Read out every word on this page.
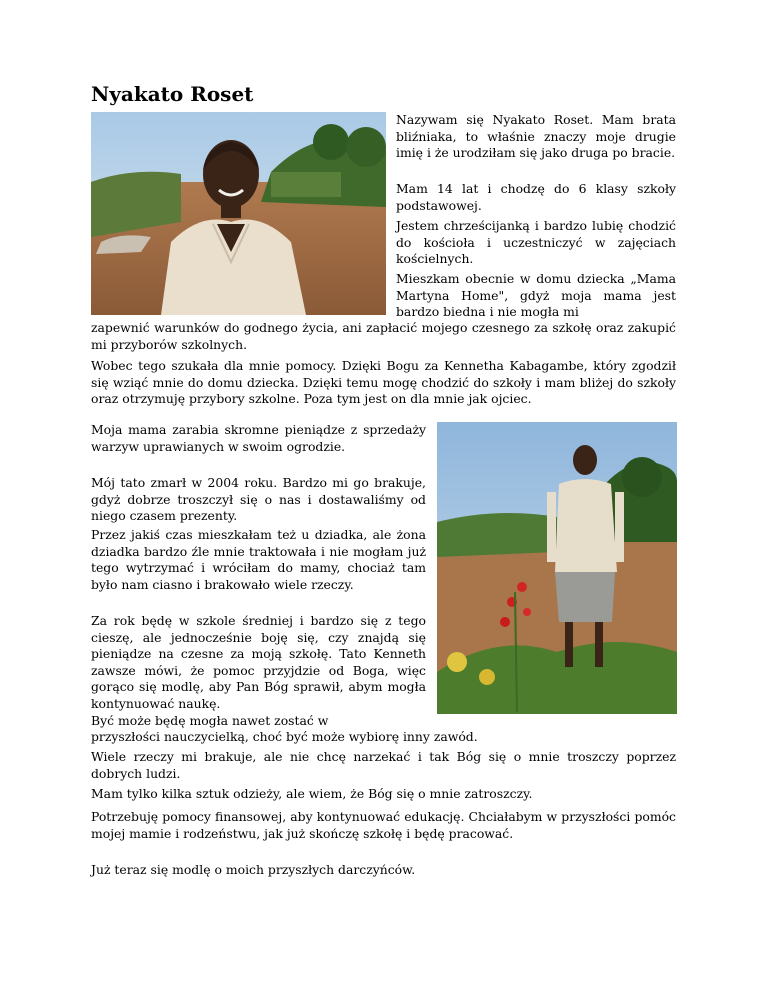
Nyakato Roset

Nazywam się Nyakato Roset. Mam brata bliźniaka, to właśnie znaczy moje drugie imię i że urodziłam się jako druga po bracie.

Mam 14 lat i chodzę do 6 klasy szkoły podstawowej.

Jestem chrześcijanką i bardzo lubię chodzić do kościoła i uczestniczyć w zajęciach kościelnych.

Mieszkam obecnie w domu dziecka „Mama Martyna Home", gdyż moja mama jest bardzo biedna i nie mogła mi

zapewnić warunków do godnego życia, ani zapłacić mojego czesnego za szkołę oraz zakupić mi przyborów szkolnych.

Wobec tego szukała dla mnie pomocy. Dzięki Bogu za Kennetha Kabagambe, który zgodził się wziąć mnie do domu dziecka. Dzięki temu mogę chodzić do szkoły i mam bliżej do szkoły oraz otrzymuję przybory szkolne. Poza tym jest on dla mnie jak ojciec.

Moja mama zarabia skromne pieniądze z sprzedaży warzyw uprawianych w swoim ogrodzie.

Mój tato zmarł w 2004 roku. Bardzo mi go brakuje, gdyż dobrze troszczył się o nas i dostawaliśmy od niego czasem prezenty.

Przez jakiś czas mieszkałam też u dziadka, ale żona dziadka bardzo źle mnie traktowała i nie mogłam już tego wytrzymać i wróciłam do mamy, chociaż tam było nam ciasno i brakowało wiele rzeczy.

Za rok będę w szkole średniej i bardzo się z tego cieszę, ale jednocześnie boję się, czy znajdą się pieniądze na czesne za moją szkołę. Tato Kenneth zawsze mówi, że pomoc przyjdzie od Boga, więc gorąco się modlę, aby Pan Bóg sprawił, abym mogła kontynuować naukę.

Być może będę mogła nawet zostać w

przyszłości nauczycielką, choć być może wybiorę inny zawód.

Wiele rzeczy mi brakuje, ale nie chcę narzekać i tak Bóg się o mnie troszczy poprzez dobrych ludzi.

Mam tylko kilka sztuk odzieży, ale wiem, że Bóg się o mnie zatroszczy.

Potrzebuję pomocy finansowej, aby kontynuować edukację. Chciałabym w przyszłości pomóc mojej mamie i rodzeństwu, jak już skończę szkołę i będę pracować.

Już teraz się modlę o moich przyszłych darczyńców.
